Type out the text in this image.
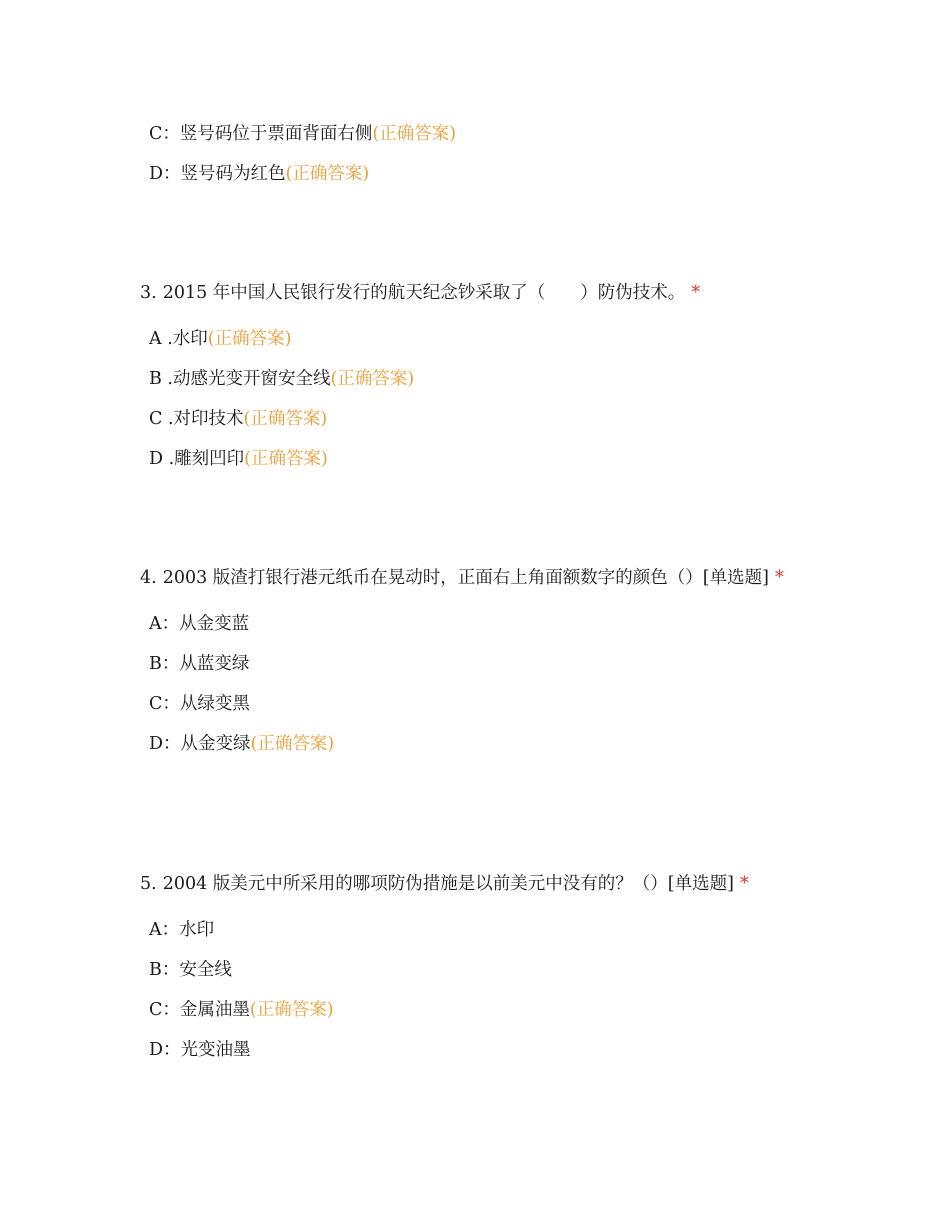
C：竖号码位于票面背面右侧(正确答案)
D：竖号码为红色(正确答案)
3. 2015 年中国人民银行发行的航天纪念钞采取了（　　）防伪技术。 *
A .水印(正确答案)
B .动感光变开窗安全线(正确答案)
C .对印技术(正确答案)
D .雕刻凹印(正确答案)
4. 2003 版渣打银行港元纸币在晃动时，正面右上角面额数字的颜色（）[单选题] *
A：从金变蓝
B：从蓝变绿
C：从绿变黑
D：从金变绿(正确答案)
5. 2004 版美元中所采用的哪项防伪措施是以前美元中没有的？（）[单选题] *
A：水印
B：安全线
C：金属油墨(正确答案)
D：光变油墨
